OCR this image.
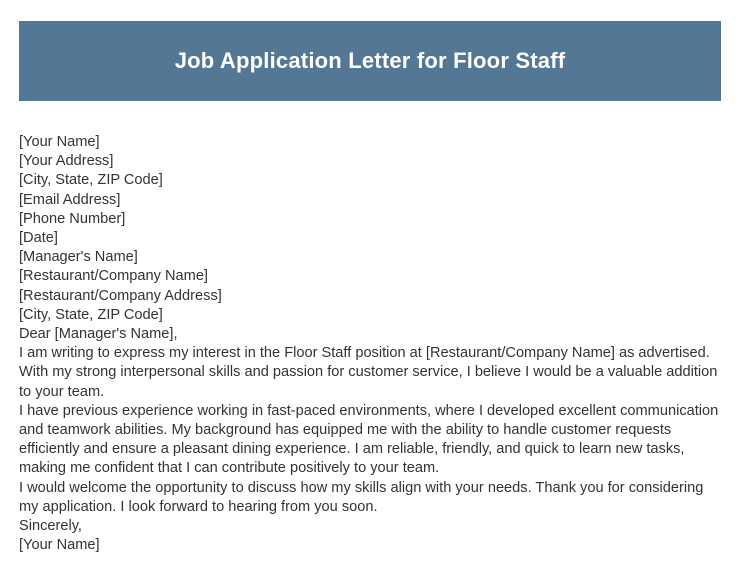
Job Application Letter for Floor Staff

[Your Name]

[Your Address]

[City, State, ZIP Code]

[Email Address]

[Phone Number]

[Date]

[Manager's Name]

[Restaurant/Company Name]

[Restaurant/Company Address]

[City, State, ZIP Code]

Dear [Manager's Name],

I am writing to express my interest in the Floor Staff position at [Restaurant/Company Name] as advertised. With my strong interpersonal skills and passion for customer service, I believe I would be a valuable addition to your team.

I have previous experience working in fast-paced environments, where I developed excellent communication and teamwork abilities. My background has equipped me with the ability to handle customer requests efficiently and ensure a pleasant dining experience. I am reliable, friendly, and quick to learn new tasks, making me confident that I can contribute positively to your team.

I would welcome the opportunity to discuss how my skills align with your needs. Thank you for considering my application. I look forward to hearing from you soon.

Sincerely,

[Your Name]
